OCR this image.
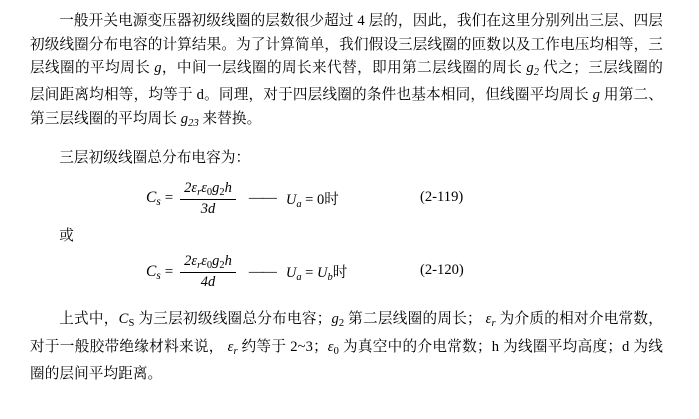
一般开关电源变压器初级线圈的层数很少超过 4 层的，因此，我们在这里分别列出三层、四层初级线圈分布电容的计算结果。为了计算简单，我们假设三层线圈的匝数以及工作电压均相等，三层线圈的平均周长 g，中间一层线圈的周长来代替，即用第二层线圈的周长 $g_2$ 代之；三层线圈的层间距离均相等，均等于 d。同理，对于四层线圈的条件也基本相同，但线圈平均周长 g 用第二、第三层线圈的平均周长 $g_{23}$ 来替换。

三层初级线圈总分布电容为：

$C_s = \frac{2\varepsilon_r\varepsilon_0g_2h}{3d}$ —— $U_a = 0$时	(2-119)

或

$C_s = \frac{2\varepsilon_r\varepsilon_0g_2h}{4d}$ —— $U_a = U_b$时	(2-120)

上式中，$C_S$ 为三层初级线圈总分布电容；$g_2$ 第二层线圈的周长； $\varepsilon_r$ 为介质的相对介电常数，对于一般胶带绝缘材料来说， $\varepsilon_r$ 约等于 2~3；$\varepsilon_0$ 为真空中的介电常数；h 为线圈平均高度；d 为线圈的层间平均距离。
